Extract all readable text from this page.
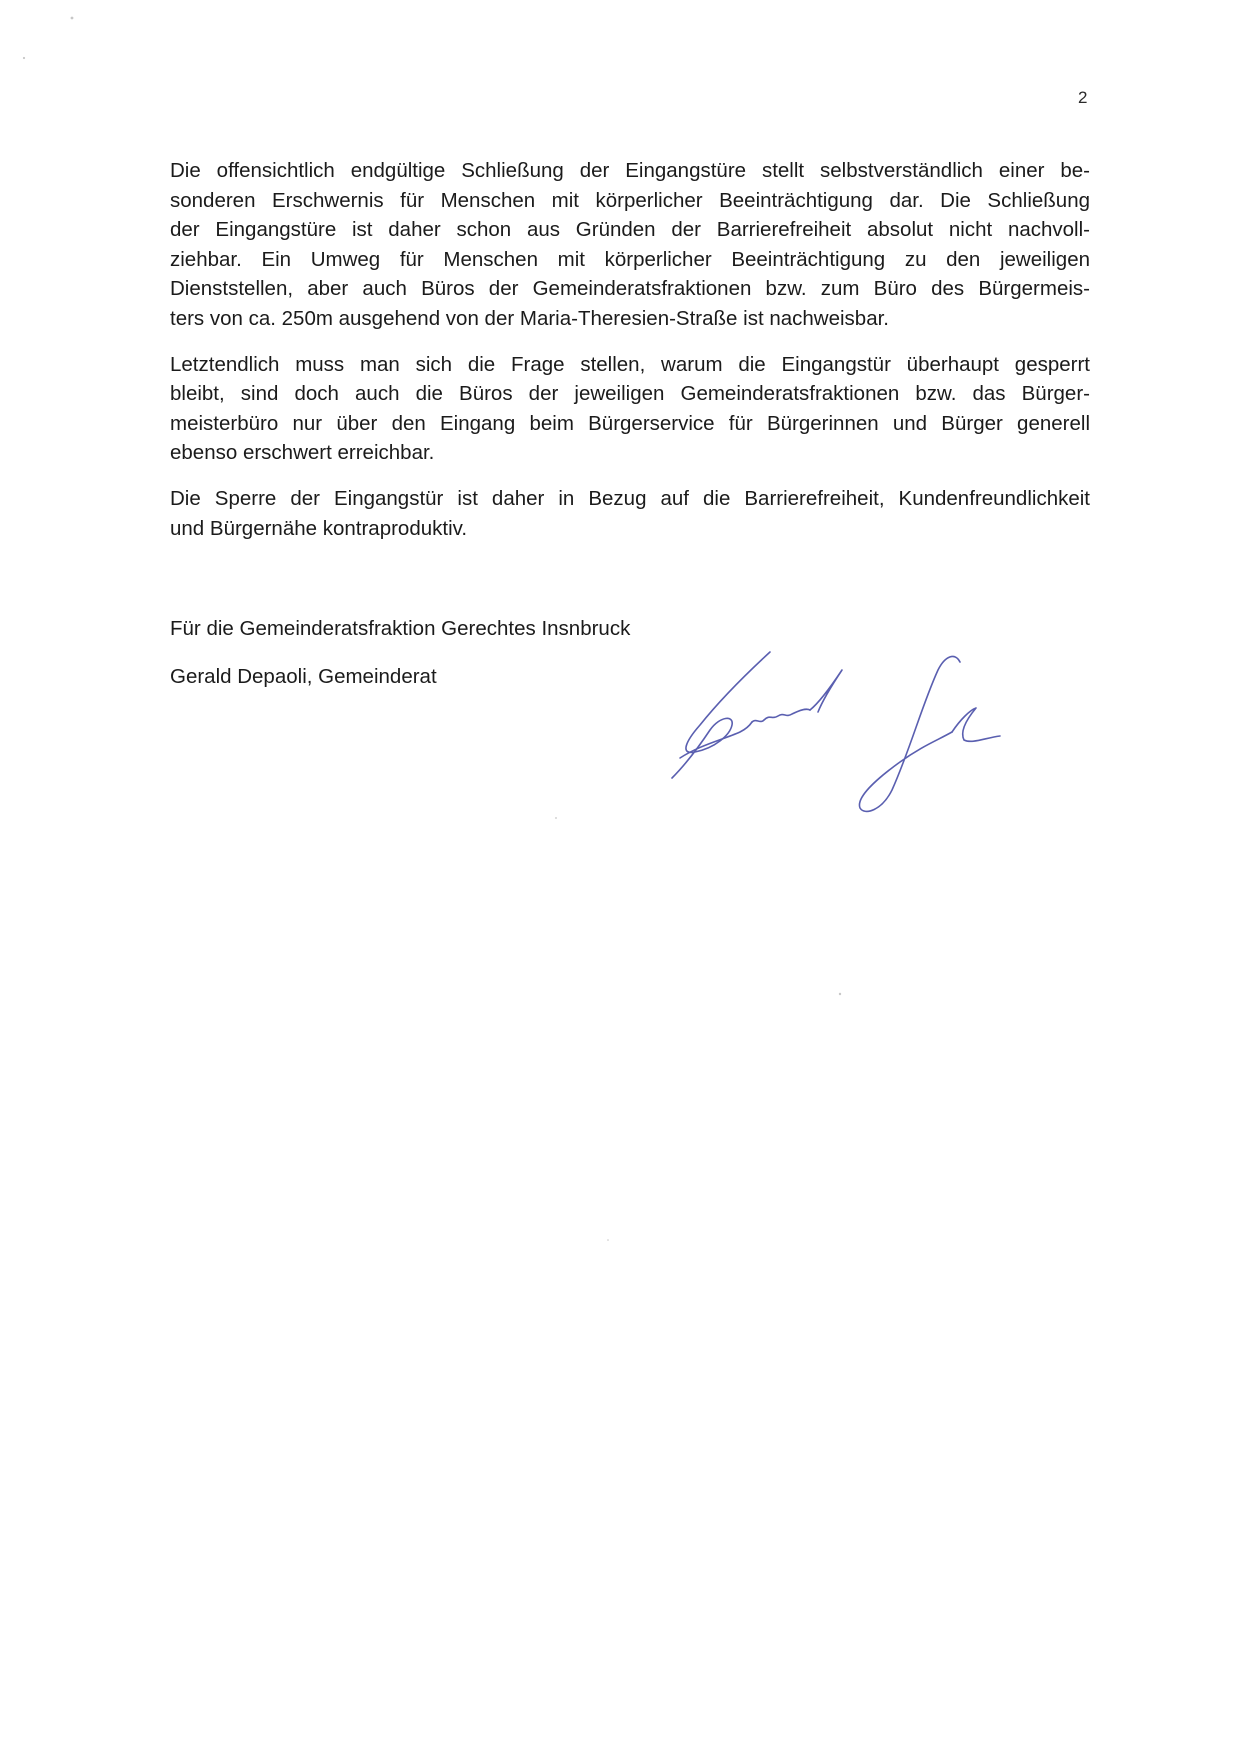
2

Die offensichtlich endgültige Schließung der Eingangstüre stellt selbstverständlich einer be-
sonderen Erschwernis für Menschen mit körperlicher Beeinträchtigung dar. Die Schließung
der Eingangstüre ist daher schon aus Gründen der Barrierefreiheit absolut nicht nachvoll-
ziehbar. Ein Umweg für Menschen mit körperlicher Beeinträchtigung zu den jeweiligen
Dienststellen, aber auch Büros der Gemeinderatsfraktionen bzw. zum Büro des Bürgermeis-
ters von ca. 250m ausgehend von der Maria-Theresien-Straße ist nachweisbar.

Letztendlich muss man sich die Frage stellen, warum die Eingangstür überhaupt gesperrt
bleibt, sind doch auch die Büros der jeweiligen Gemeinderatsfraktionen bzw. das Bürger-
meisterbüro nur über den Eingang beim Bürgerservice für Bürgerinnen und Bürger generell
ebenso erschwert erreichbar.

Die Sperre der Eingangstür ist daher in Bezug auf die Barrierefreiheit, Kundenfreundlichkeit
und Bürgernähe kontraproduktiv.

Für die Gemeinderatsfraktion Gerechtes Insnbruck
Gerald Depaoli, Gemeinderat
